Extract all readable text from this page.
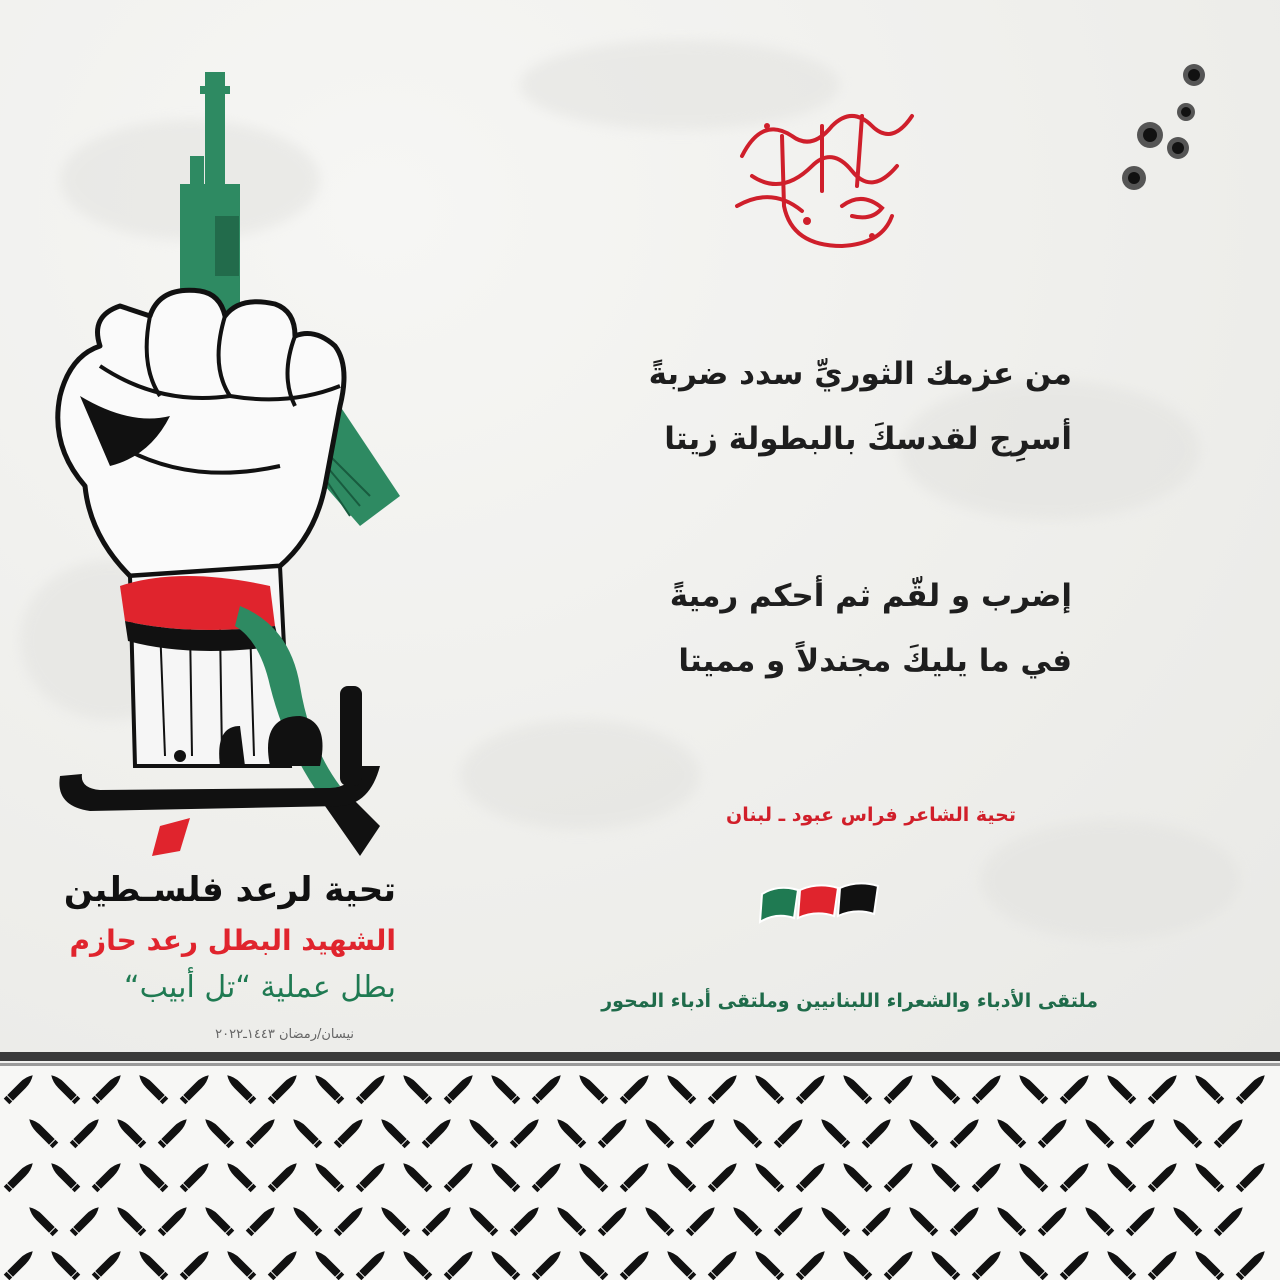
من عزمك الثوريِّ سدد ضربةً
أسرِج لقدسكَ بالبطولة زيتا
إضرب و لقّم ثم أحكم رميةً
في ما يليكَ مجندلاً و مميتا
تحية الشاعر فراس عبود ـ لبنان
ملتقى الأدباء والشعراء اللبنانيين وملتقى أدباء المحور
تحية لرعد فلسـطين
الشهيد البطل رعد حازم
بطل عملية “تل أبيب“
نيسان/رمضان ١٤٤٣ـ٢٠٢٢
